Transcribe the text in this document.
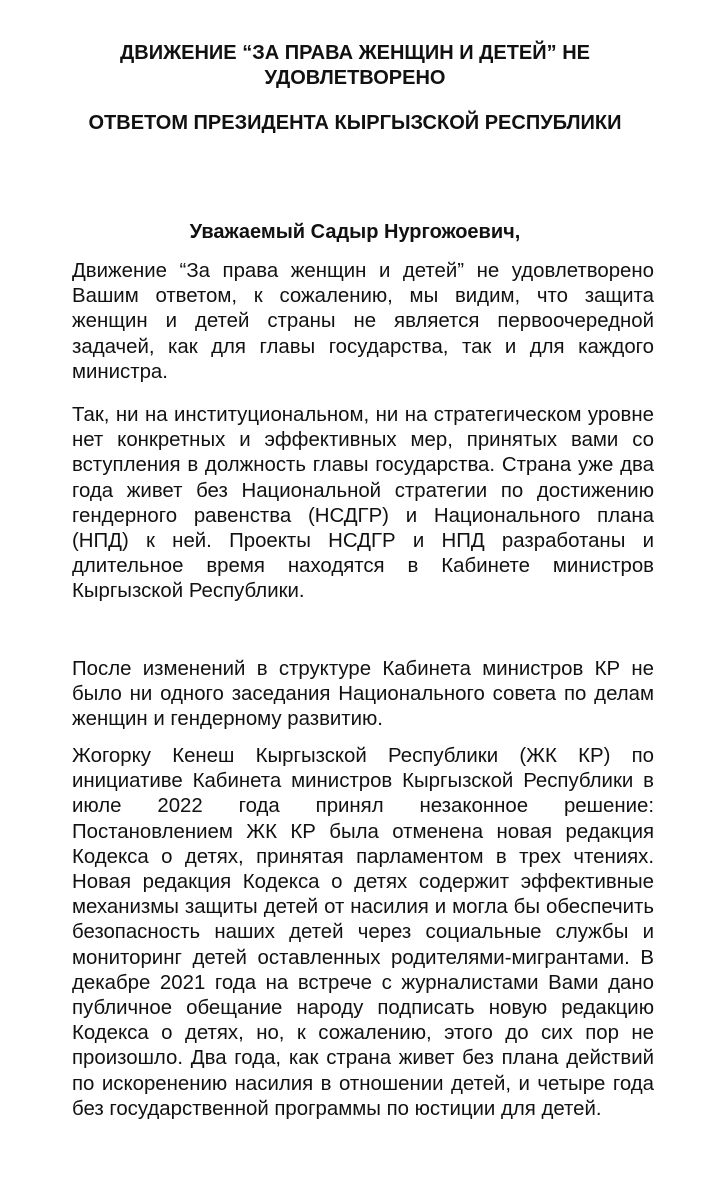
ДВИЖЕНИЕ “ЗА ПРАВА ЖЕНЩИН И ДЕТЕЙ” НЕ УДОВЛЕТВОРЕНО
ОТВЕТОМ ПРЕЗИДЕНТА КЫРГЫЗСКОЙ РЕСПУБЛИКИ

Уважаемый Садыр Нургожоевич,

Движение “За права женщин и детей” не удовлетворено Вашим ответом, к сожалению, мы видим, что защита женщин и детей страны не является первоочередной задачей, как для главы государства, так и для каждого министра.

Так, ни на институциональном, ни на стратегическом уровне нет конкретных и эффективных мер, принятых вами со вступления в должность главы государства. Страна уже два года живет без Национальной стратегии по достижению гендерного равенства (НСДГР) и Национального плана (НПД) к ней. Проекты НСДГР и НПД разработаны и длительное время находятся в Кабинете министров Кыргызской Республики.

После изменений в структуре Кабинета министров КР не было ни одного заседания Национального совета по делам женщин и гендерному развитию.

Жогорку Кенеш Кыргызской Республики (ЖК КР) по инициативе Кабинета министров Кыргызской Республики в июле 2022 года принял незаконное решение: Постановлением ЖК КР была отменена новая редакция Кодекса о детях, принятая парламентом в трех чтениях. Новая редакция Кодекса о детях содержит эффективные механизмы защиты детей от насилия и могла бы обеспечить безопасность наших детей через социальные службы и мониторинг детей оставленных родителями-мигрантами. В декабре 2021 года на встрече с журналистами Вами дано публичное обещание народу подписать новую редакцию Кодекса о детях, но, к сожалению, этого до сих пор не произошло. Два года, как страна живет без плана действий по искоренению насилия в отношении детей, и четыре года без государственной программы по юстиции для детей.
